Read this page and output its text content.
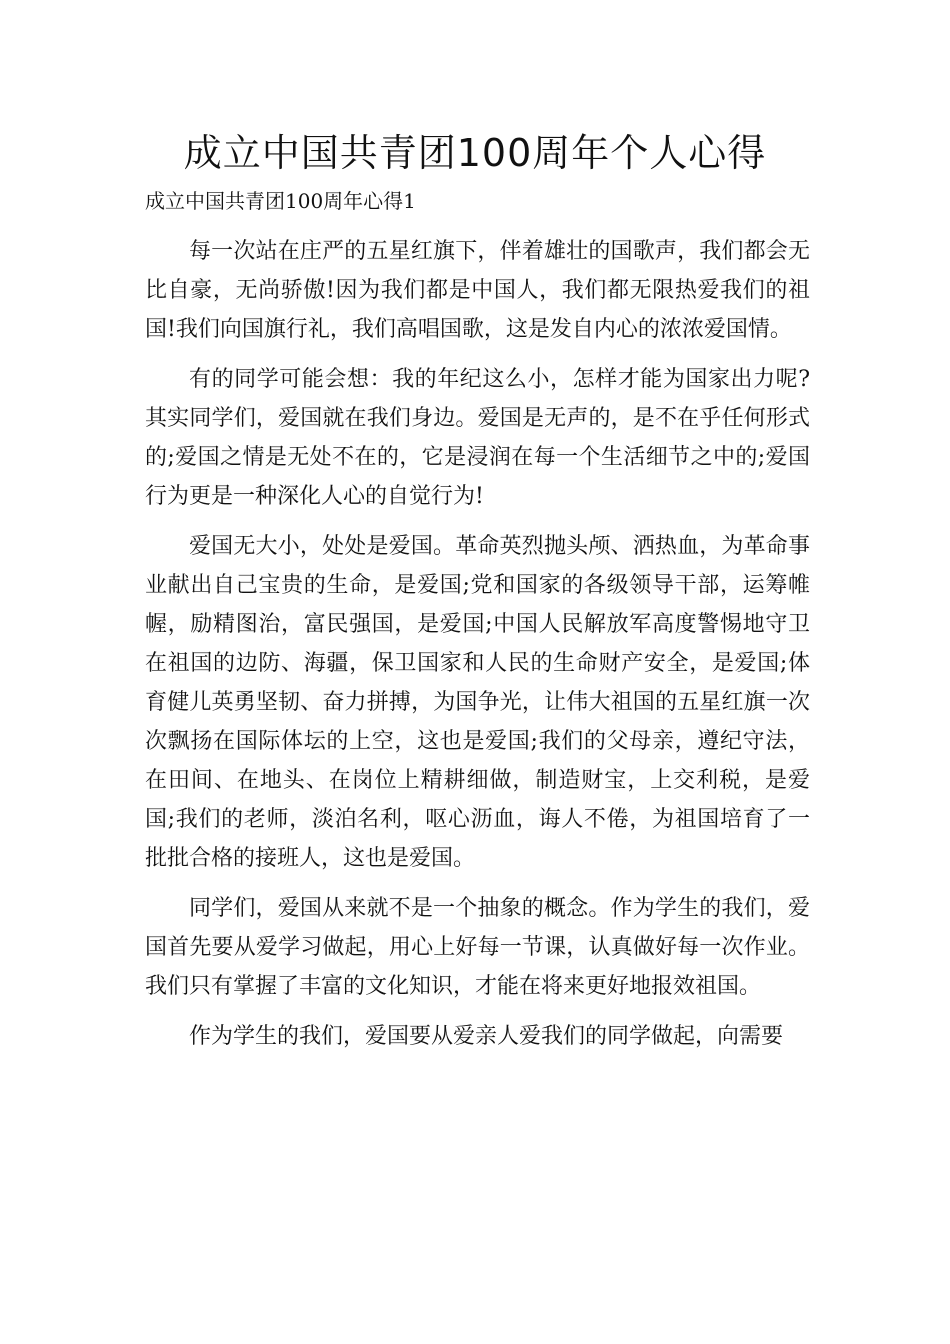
成立中国共青团100周年个人心得
成立中国共青团100周年心得1

每一次站在庄严的五星红旗下，伴着雄壮的国歌声，我们都会无比自豪，无尚骄傲!因为我们都是中国人，我们都无限热爱我们的祖国!我们向国旗行礼，我们高唱国歌，这是发自内心的浓浓爱国情。

有的同学可能会想：我的年纪这么小，怎样才能为国家出力呢?其实同学们，爱国就在我们身边。爱国是无声的，是不在乎任何形式的;爱国之情是无处不在的，它是浸润在每一个生活细节之中的;爱国行为更是一种深化人心的自觉行为!

爱国无大小，处处是爱国。革命英烈抛头颅、洒热血，为革命事业献出自己宝贵的生命，是爱国;党和国家的各级领导干部，运筹帷幄，励精图治，富民强国，是爱国;中国人民解放军高度警惕地守卫在祖国的边防、海疆，保卫国家和人民的生命财产安全，是爱国;体育健儿英勇坚韧、奋力拼搏，为国争光，让伟大祖国的五星红旗一次次飘扬在国际体坛的上空，这也是爱国;我们的父母亲，遵纪守法，在田间、在地头、在岗位上精耕细做，制造财宝，上交利税，是爱国;我们的老师，淡泊名利，呕心沥血，诲人不倦，为祖国培育了一批批合格的接班人，这也是爱国。

同学们，爱国从来就不是一个抽象的概念。作为学生的我们，爱国首先要从爱学习做起，用心上好每一节课，认真做好每一次作业。我们只有掌握了丰富的文化知识，才能在将来更好地报效祖国。

作为学生的我们，爱国要从爱亲人爱我们的同学做起，向需要
